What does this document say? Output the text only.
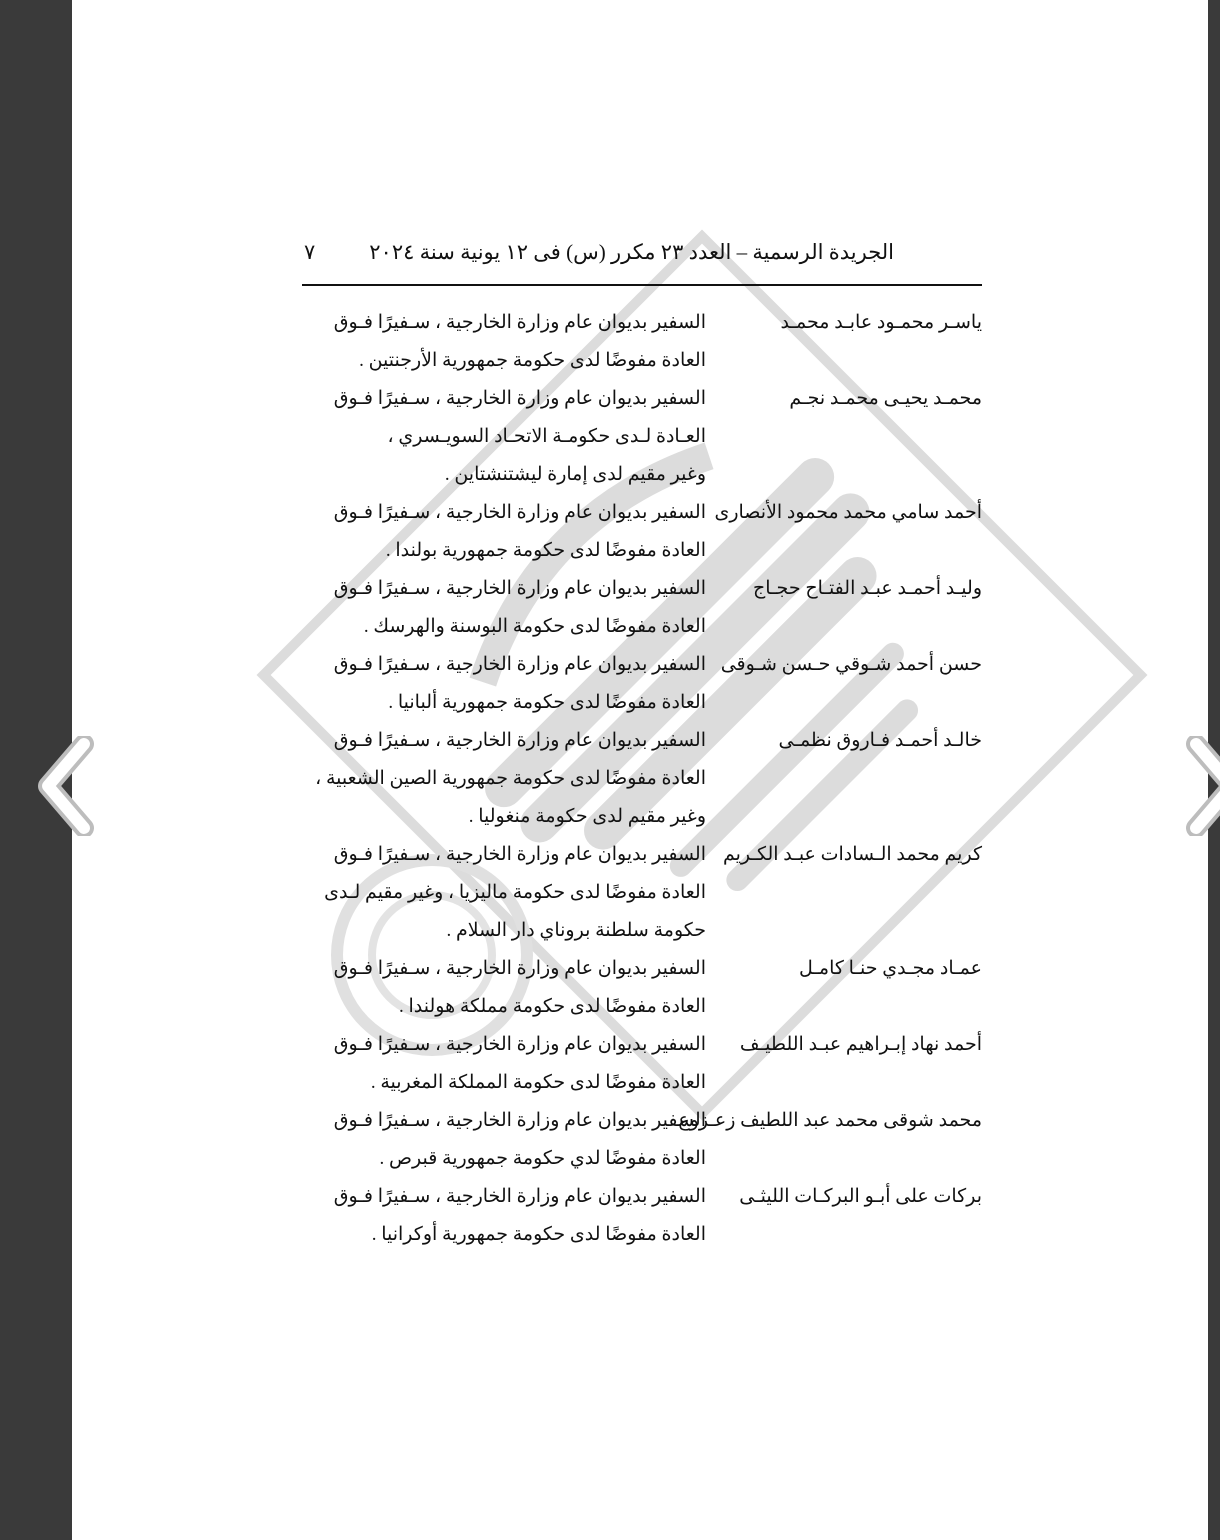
الجريدة الرسمية – العدد ٢٣ مكرر (س) فى ١٢ يونية سنة ٢٠٢٤
٧
ياسـر محمـود عابـد محمـد
السفير بديوان عام وزارة الخارجية ، سـفيرًا فـوق
العادة مفوضًا لدى حكومة جمهورية الأرجنتين .
محمـد يحيـى محمـد نجـم
السفير بديوان عام وزارة الخارجية ، سـفيرًا فـوق
العـادة لـدى حكومـة الاتحـاد السويـسري ،
وغير مقيم لدى إمارة ليشتنشتاين .
أحمد سامي محمد محمود الأنصارى
السفير بديوان عام وزارة الخارجية ، سـفيرًا فـوق
العادة مفوضًا لدى حكومة جمهورية بولندا .
وليـد أحمـد عبـد الفتـاح حجـاج
السفير بديوان عام وزارة الخارجية ، سـفيرًا فـوق
العادة مفوضًا لدى حكومة البوسنة والهرسك .
حسن أحمد شـوقي حـسن شـوقى
السفير بديوان عام وزارة الخارجية ، سـفيرًا فـوق
العادة مفوضًا لدى حكومة جمهورية ألبانيا .
خالـد أحمـد فـاروق نظمـى
السفير بديوان عام وزارة الخارجية ، سـفيرًا فـوق
العادة مفوضًا لدى حكومة جمهورية الصين الشعبية ،
وغير مقيم لدى حكومة منغوليا .
كريم محمد الـسادات عبـد الكـريم
السفير بديوان عام وزارة الخارجية ، سـفيرًا فـوق
العادة مفوضًا لدى حكومة ماليزيا ، وغير مقيم لـدى
حكومة سلطنة بروناي دار السلام .
عمـاد مجـدي حنـا كامـل
السفير بديوان عام وزارة الخارجية ، سـفيرًا فـوق
العادة مفوضًا لدى حكومة مملكة هولندا .
أحمد نهاد إبـراهيم عبـد اللطيـف
السفير بديوان عام وزارة الخارجية ، سـفيرًا فـوق
العادة مفوضًا لدى حكومة المملكة المغربية .
محمد شوقى محمد عبد اللطيف زعـزوع
السفير بديوان عام وزارة الخارجية ، سـفيرًا فـوق
العادة مفوضًا لدي حكومة جمهورية قبرص .
بركات على أبـو البركـات الليثـى
السفير بديوان عام وزارة الخارجية ، سـفيرًا فـوق
العادة مفوضًا لدى حكومة جمهورية أوكرانيا .
